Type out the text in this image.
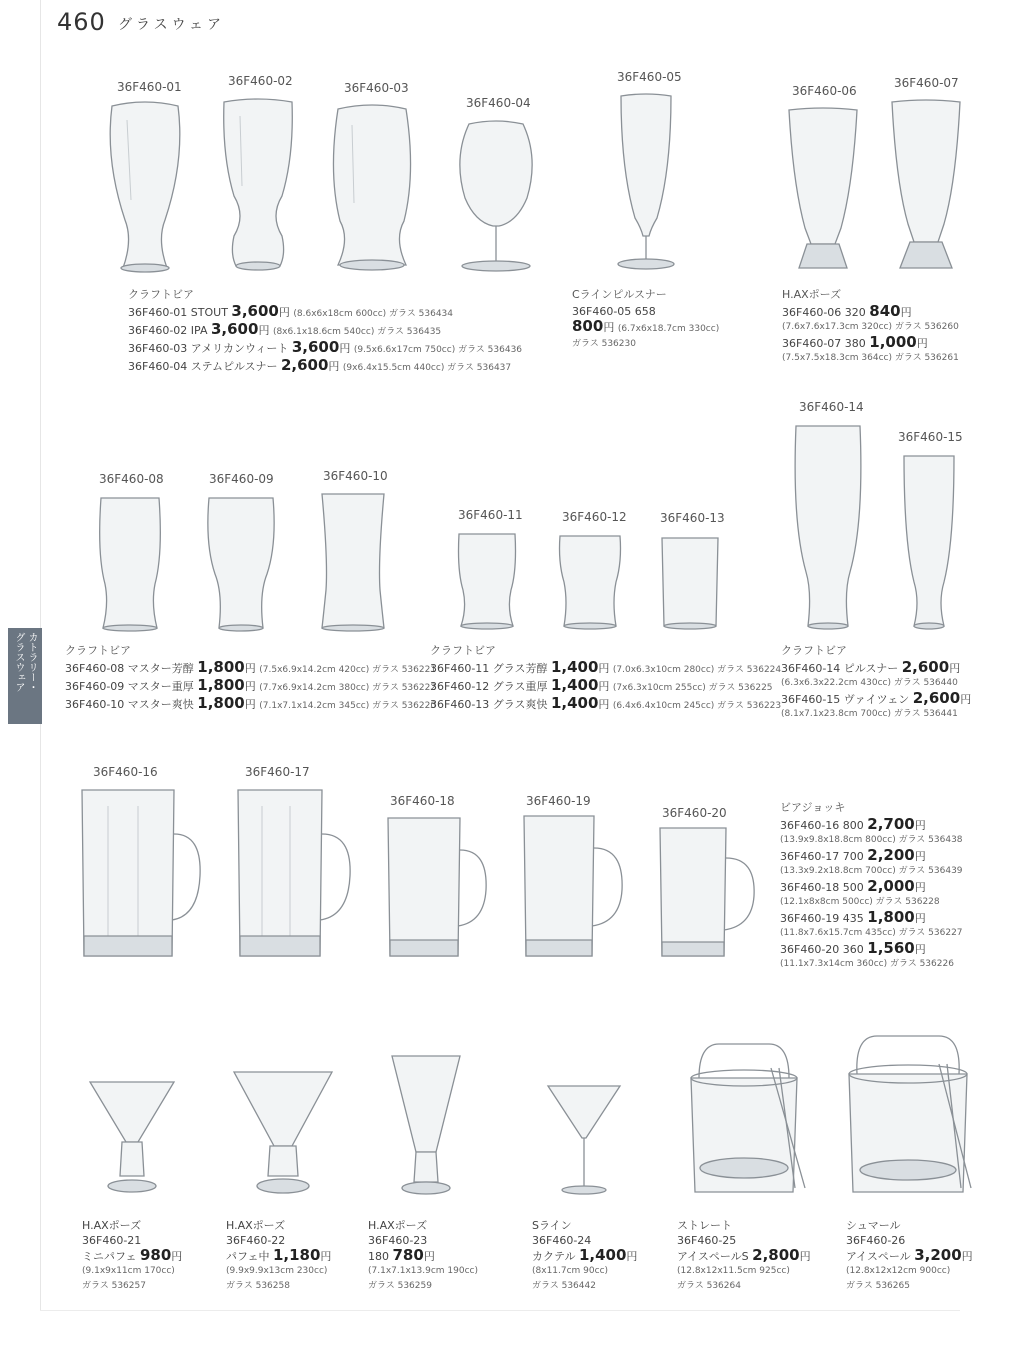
460 グラスウェア
カトラリー・
グラスウェア
36F460-01	36F460-02	36F460-03
36F460-04
36F460-05
36F460-06
36F460-07
クラフトビア
36F460-01 STOUT 3,600円 (8.6x6x18cm 600cc) ガラス 536434
36F460-02 IPA 3,600円 (8x6.1x18.6cm 540cc) ガラス 536435
36F460-03 アメリカンウィート 3,600円 (9.5x6.6x17cm 750cc) ガラス 536436
36F460-04 ステムピルスナー 2,600円 (9x6.4x15.5cm 440cc) ガラス 536437
Cラインピルスナー
36F460-05 658
800円 (6.7x6x18.7cm 330cc)
ガラス 536230
H.AXポーズ
36F460-06 320 840円
(7.6x7.6x17.3cm 320cc) ガラス 536260
36F460-07 380 1,000円
(7.5x7.5x18.3cm 364cc) ガラス 536261
36F460-08	36F460-09	36F460-10
36F460-11	36F460-12	36F460-13
36F460-14
36F460-15
クラフトビア
36F460-08 マスター芳醇 1,800円 (7.5x6.9x14.2cm 420cc) ガラス 536221
36F460-09 マスター重厚 1,800円 (7.7x6.9x14.2cm 380cc) ガラス 536222
36F460-10 マスター爽快 1,800円 (7.1x7.1x14.2cm 345cc) ガラス 536220
クラフトビア
36F460-11 グラス芳醇 1,400円 (7.0x6.3x10cm 280cc) ガラス 536224
36F460-12 グラス重厚 1,400円 (7x6.3x10cm 255cc) ガラス 536225
36F460-13 グラス爽快 1,400円 (6.4x6.4x10cm 245cc) ガラス 536223
クラフトビア
36F460-14 ピルスナー 2,600円
(6.3x6.3x22.2cm 430cc) ガラス 536440
36F460-15 ヴァイツェン 2,600円
(8.1x7.1x23.8cm 700cc) ガラス 536441
36F460-16	36F460-17
36F460-18	36F460-19
36F460-20	ビアジョッキ
36F460-16 800 2,700円
(13.9x9.8x18.8cm 800cc) ガラス 536438
36F460-17 700 2,200円
(13.3x9.2x18.8cm 700cc) ガラス 536439
36F460-18 500 2,000円
(12.1x8x8cm 500cc) ガラス 536228
36F460-19 435 1,800円
(11.8x7.6x15.7cm 435cc) ガラス 536227
36F460-20 360 1,560円
(11.1x7.3x14cm 360cc) ガラス 536226
H.AXポーズ
36F460-21
ミニパフェ 980円
(9.1x9x11cm 170cc)
ガラス 536257
H.AXポーズ
36F460-22
パフェ中 1,180円
(9.9x9.9x13cm 230cc)
ガラス 536258
H.AXポーズ
36F460-23
180 780円
(7.1x7.1x13.9cm 190cc)
ガラス 536259
Sライン
36F460-24
カクテル 1,400円
(8x11.7cm 90cc)
ガラス 536442
ストレート
36F460-25
アイスペールS 2,800円
(12.8x12x11.5cm 925cc)
ガラス 536264
シュマール
36F460-26
アイスペール 3,200円
(12.8x12x12cm 900cc)
ガラス 536265
